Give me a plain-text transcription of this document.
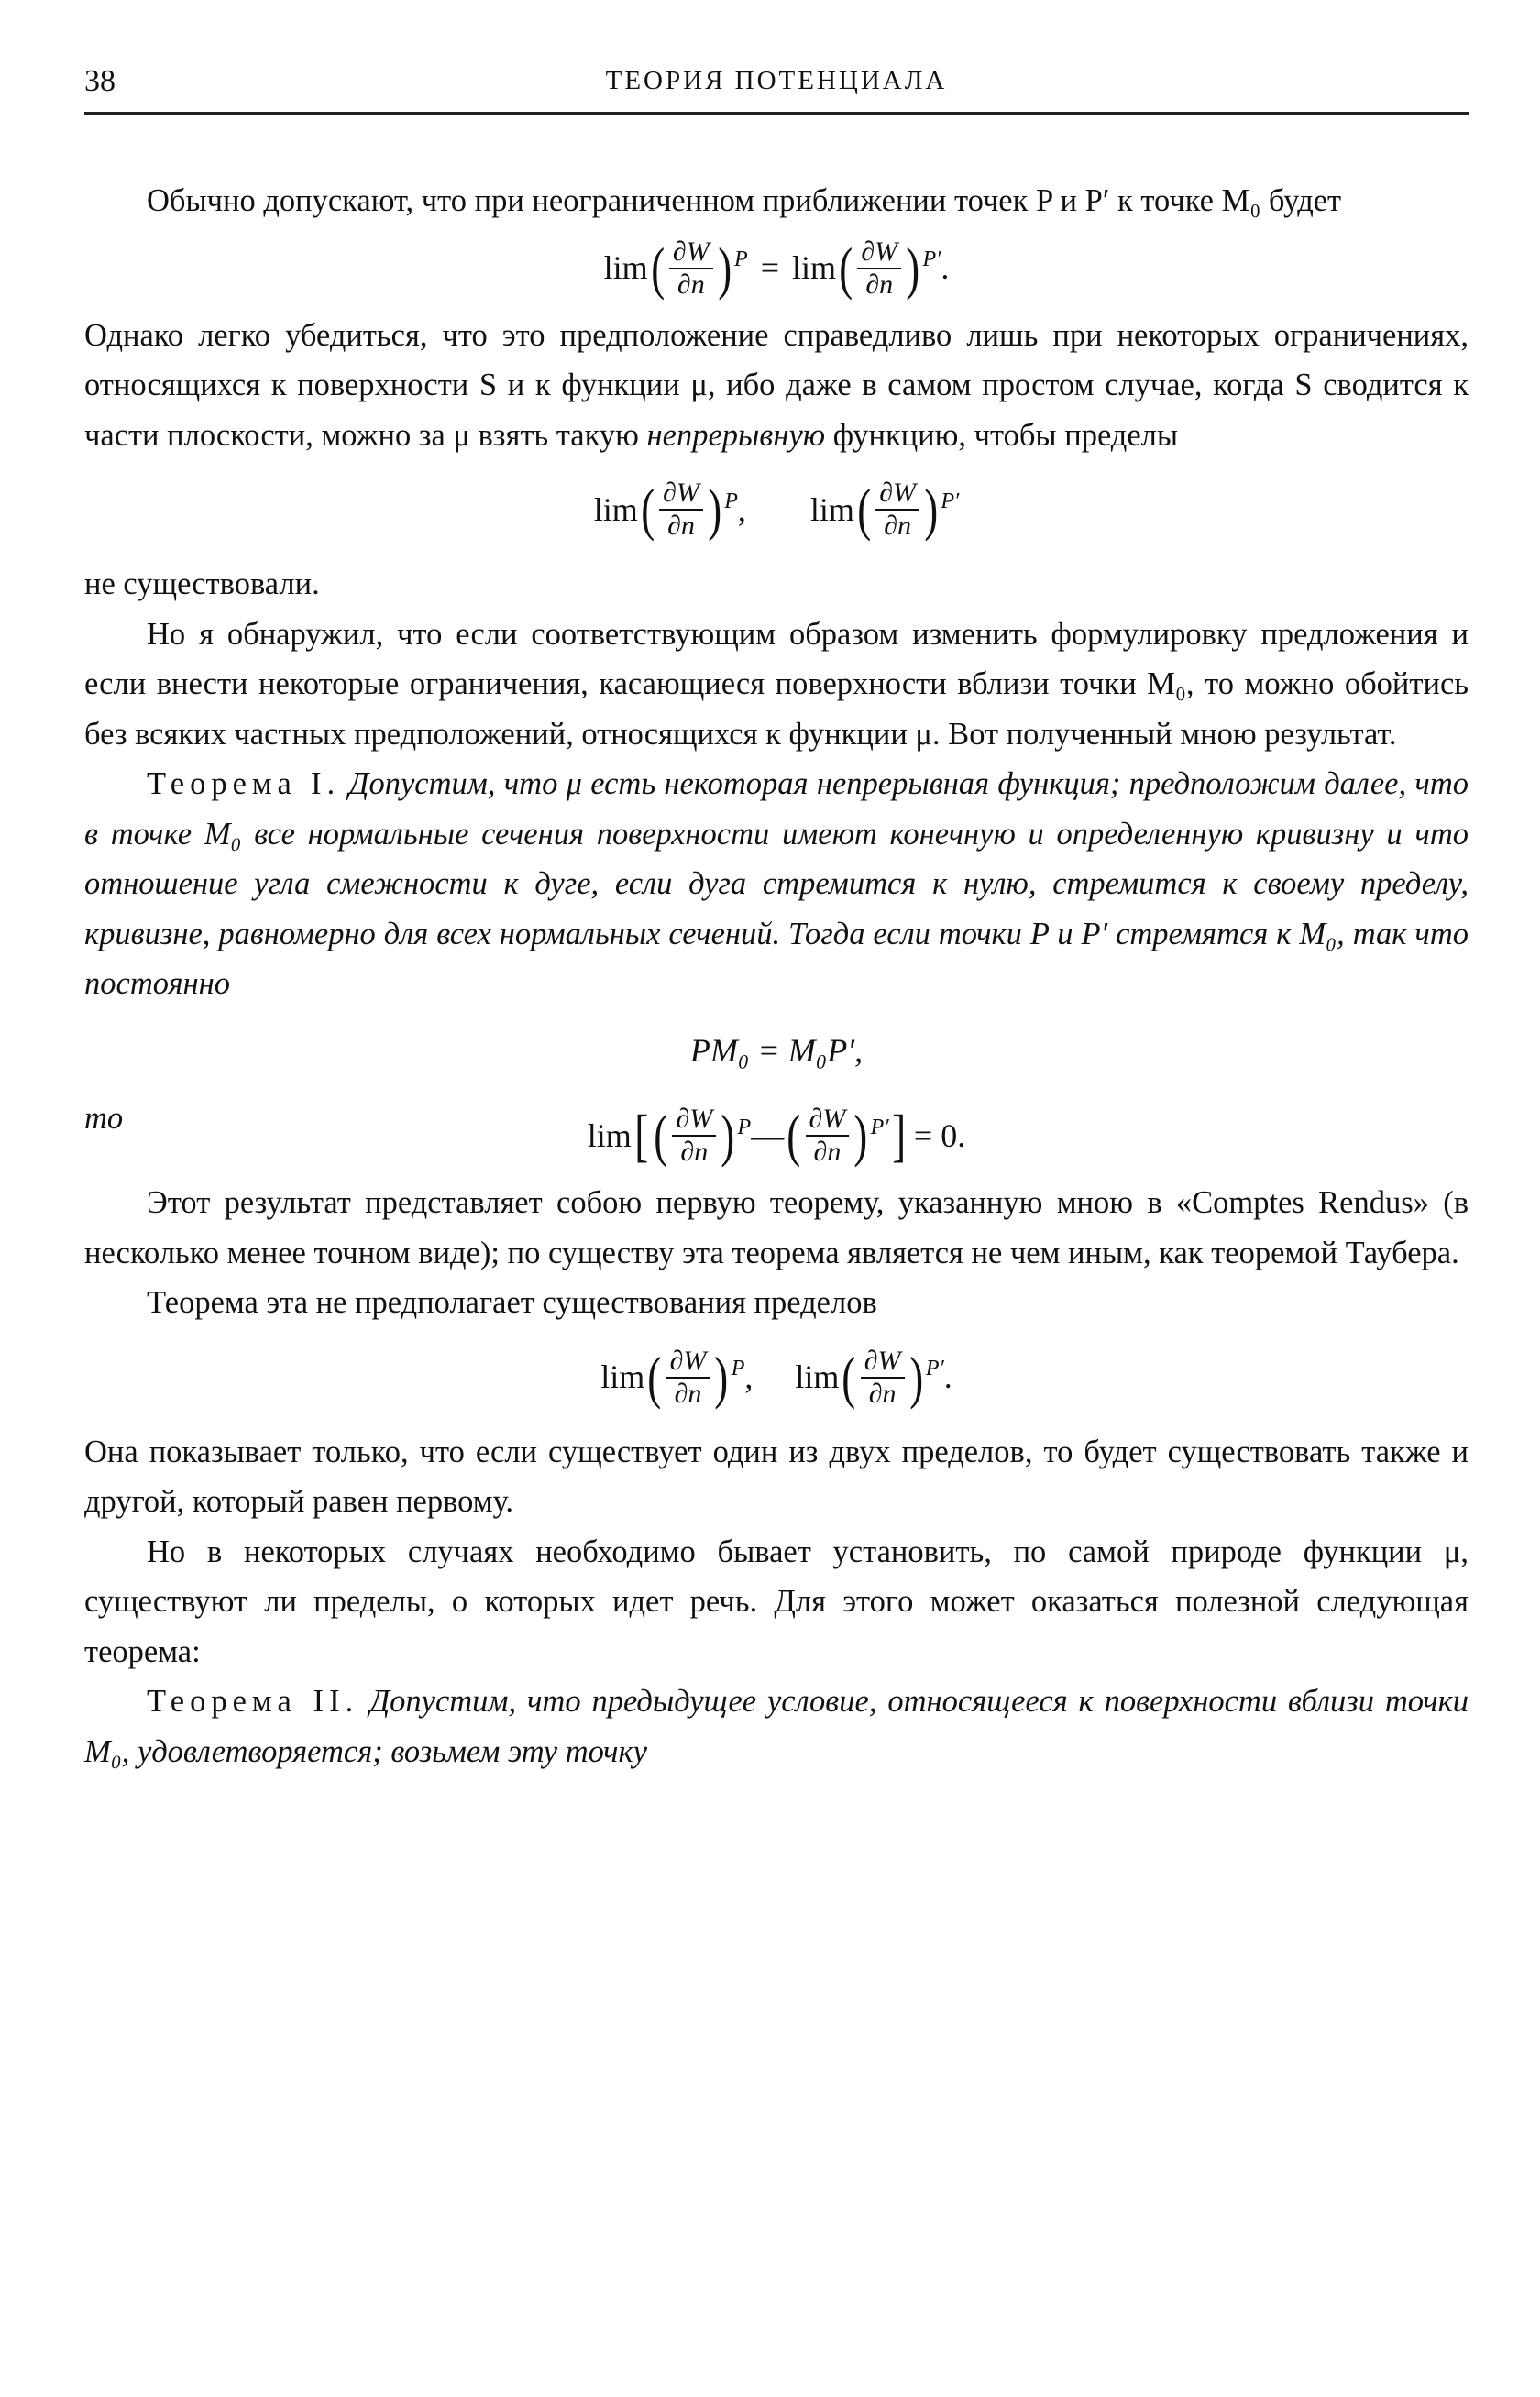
38	ТЕОРИЯ ПОТЕНЦИАЛА

Обычно допускают, что при неограниченном приближении точек P и P′ к точке M₀ будет

lim ( $\frac{\partial W}{\partial n}$ ) P = lim ( $\frac{\partial W}{\partial n}$ ) P′ .

Однако легко убедиться, что это предположение справедливо лишь при некоторых ограничениях, относящихся к поверхности S и к функции μ, ибо даже в самом простом случае, когда S сводится к части плоскости, можно за μ взять такую непрерывную функцию, чтобы пределы

lim ( $\frac{\partial W}{\partial n}$ ) P , lim ( $\frac{\partial W}{\partial n}$ ) P′

не существовали.

Но я обнаружил, что если соответствующим образом изменить формулировку предложения и если внести некоторые ограничения, касающиеся поверхности вблизи точки M₀, то можно обойтись без всяких частных предположений, относящихся к функции μ. Вот полученный мною результат.

Теорема I. Допустим, что μ есть некоторая непрерывная функция; предположим далее, что в точке M₀ все нормальные сечения поверхности имеют конечную и определенную кривизну и что отношение угла смежности к дуге, если дуга стремится к нулю, стремится к своему пределу, кривизне, равномерно для всех нормальных сечений. Тогда если точки P и P′ стремятся к M₀, так что постоянно

PM₀ = M₀P′,

то	lim [ ( $\frac{\partial W}{\partial n}$ ) P — ( $\frac{\partial W}{\partial n}$ ) P′ ] = 0.

Этот результат представляет собою первую теорему, указанную мною в «Comptes Rendus» (в несколько менее точном виде); по существу эта теорема является не чем иным, как теоремой Таубера.

Теорема эта не предполагает существования пределов

lim ( $\frac{\partial W}{\partial n}$ ) P , lim ( $\frac{\partial W}{\partial n}$ ) P′ .

Она показывает только, что если существует один из двух пределов, то будет существовать также и другой, который равен первому.

Но в некоторых случаях необходимо бывает установить, по самой природе функции μ, существуют ли пределы, о которых идет речь. Для этого может оказаться полезной следующая теорема:

Теорема II. Допустим, что предыдущее условие, относящееся к поверхности вблизи точки M₀, удовлетворяется; возьмем эту точку
